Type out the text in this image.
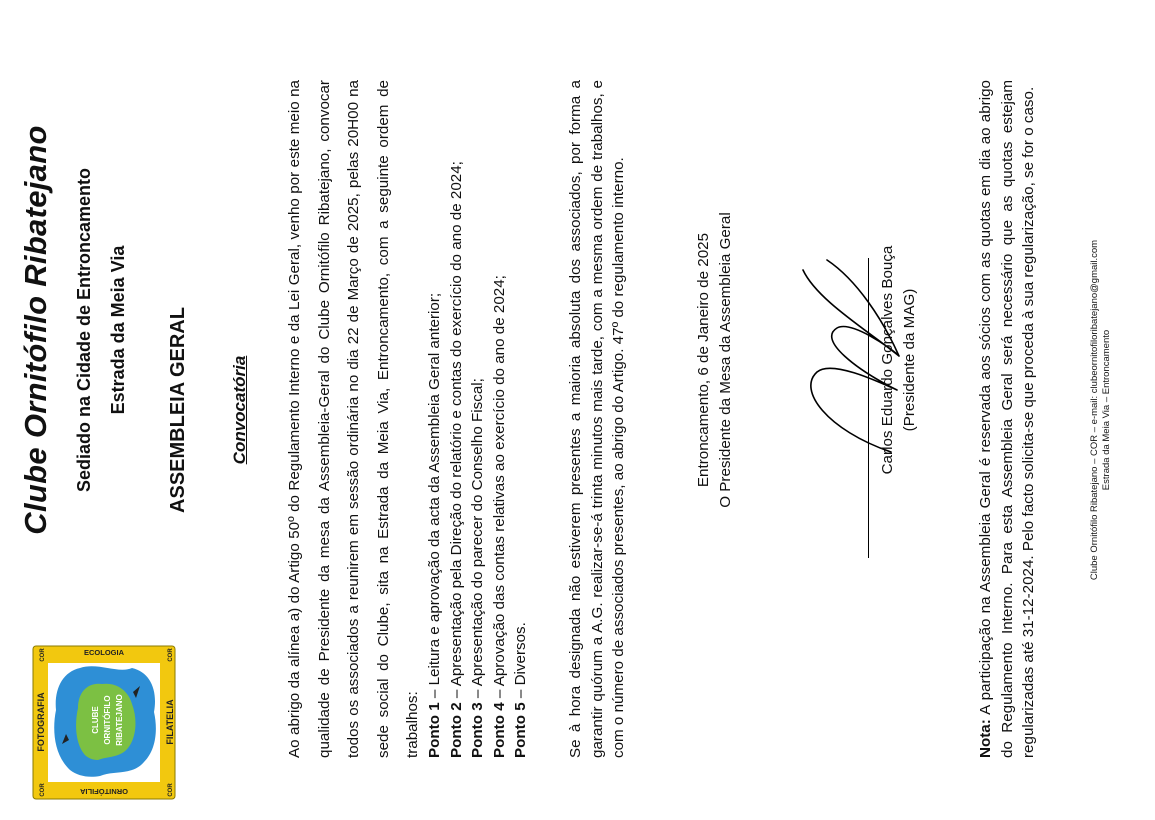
FOTOGRAFIA	FILATELIA
ORNITÓFILIA
ECOLOGIA
COR
COR
COR
COR
CLUBE ORNITÓFILO RIBATEJANO
Clube Ornitófilo Ribatejano Sediado na Cidade de Entroncamento Estrada da Meia Via ASSEMBLEIA GERAL Convocatória	Ao abrigo da alínea a) do Artigo 50º do Regulamento Interno e da Lei Geral, venho por este meio na qualidade de Presidente da mesa da Assembleia-Geral do Clube Ornitófilo Ribatejano, convocar todos os associados a reunirem em sessão ordinária no dia 22 de Março de 2025, pelas 20H00 na sede social do Clube, sita na Estrada da Meia Via, Entroncamento, com a seguinte ordem de trabalhos: Ponto 1 – Leitura e aprovação da acta da Assembleia Geral anterior;
Ponto 2 – Apresentação pela Direção do relatório e contas do exercício do ano de 2024;
Ponto 3 – Apresentação do parecer do Conselho Fiscal;
Ponto 4 – Aprovação das contas relativas ao exercício do ano de 2024;
Ponto 5 – Diversos.	Se à hora designada não estiverem presentes a maioria absoluta dos associados, por forma a garantir quórum a A.G. realizar-se-á trinta minutos mais tarde, com a mesma ordem de trabalhos, e com o número de associados presentes, ao abrigo do Artigo. 47º do regulamento interno.	Entroncamento, 6 de Janeiro de 2025 O Presidente da Mesa da Assembleia Geral	Carlos Eduardo Gonçalves Bouça (Presidente da MAG)
Nota: A participação na Assembleia Geral é reservada aos sócios com as quotas em dia ao abrigo do Regulamento Interno. Para esta Assembleia Geral será necessário que as quotas estejam regularizadas até 31-12-2024. Pelo facto solicita-se que proceda à sua regularização, se for o caso.	Clube Ornitófilo Ribatejano – COR – e-mail: clubeornitofiloribatejano@gmail.com Estrada da Meia Via – Entroncamento
